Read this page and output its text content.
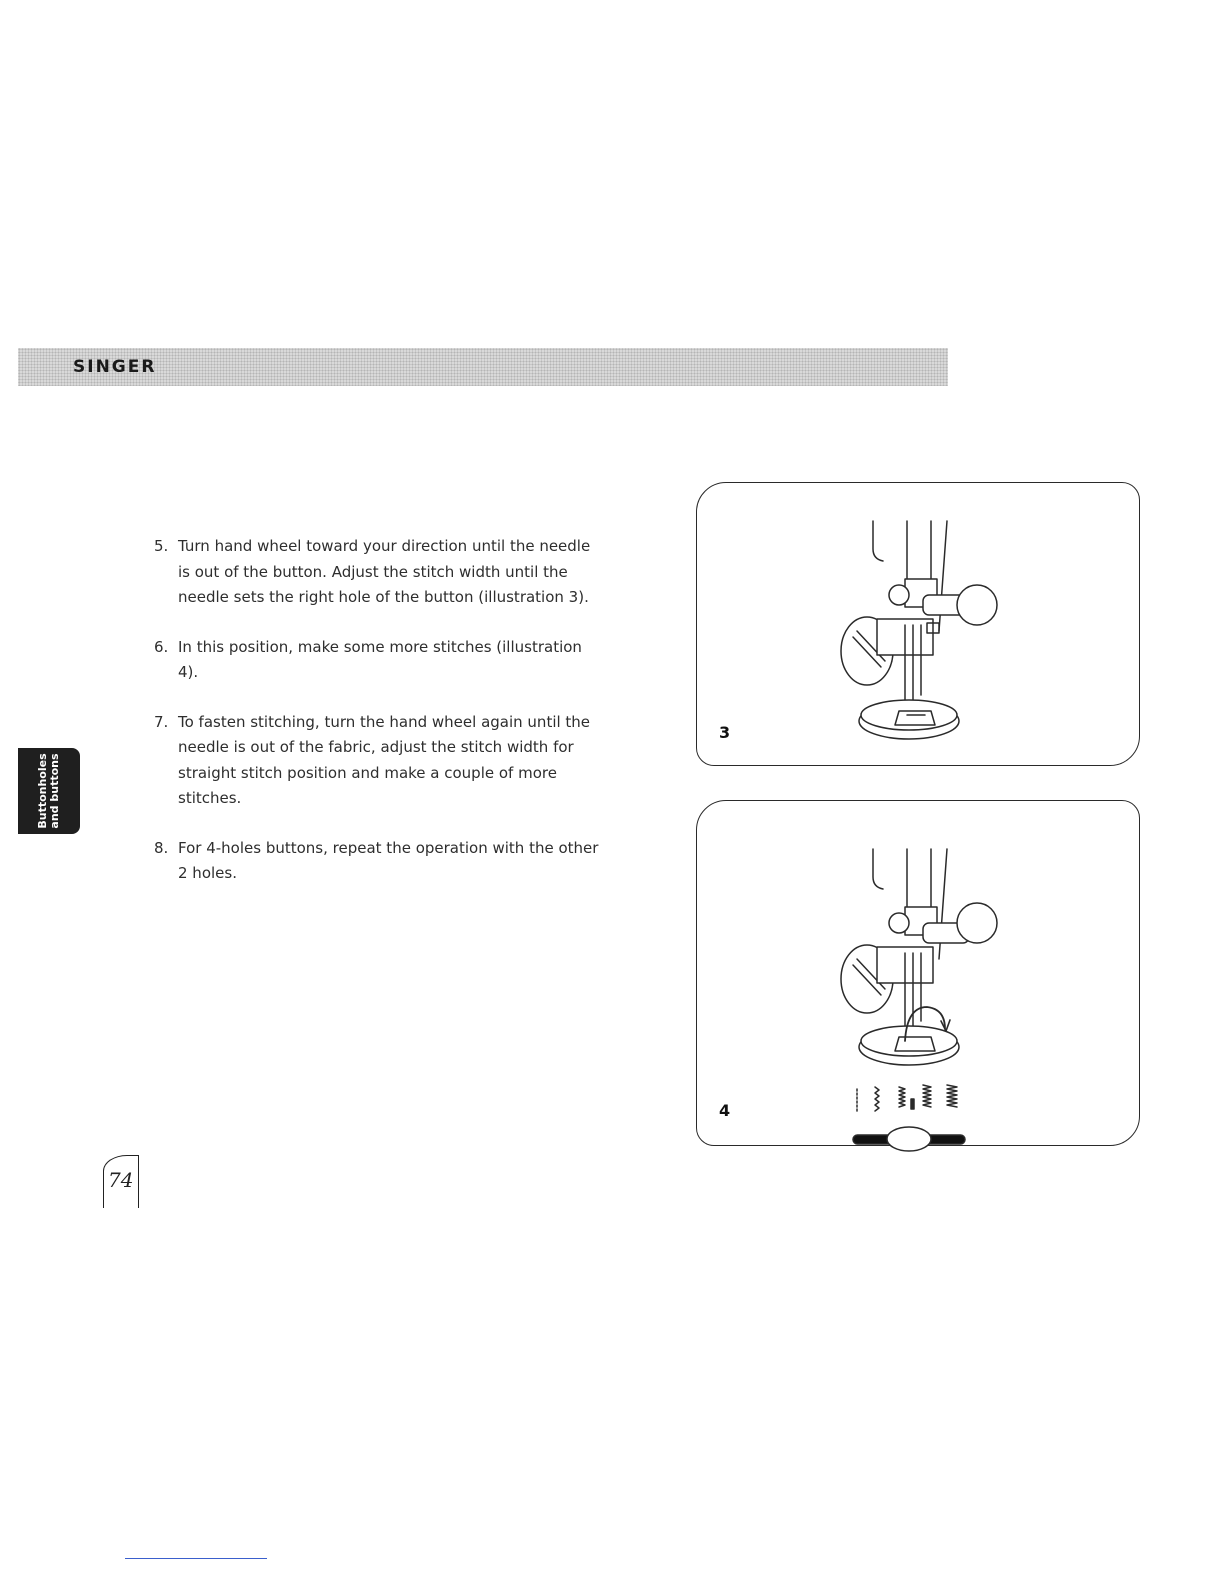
SINGER
Buttonholes and buttons
5. Turn hand wheel toward your direction until the needle is out of the button. Adjust the stitch width until the needle sets the right hole of the button (illustration 3).
6. In this position, make some more stitches (illustration 4).
7. To fasten stitching, turn the hand wheel again until the needle is out of the fabric, adjust the stitch width for straight stitch position and make a couple of more stitches.
8. For 4-holes buttons, repeat the operation with the other 2 holes.
3
4
74
